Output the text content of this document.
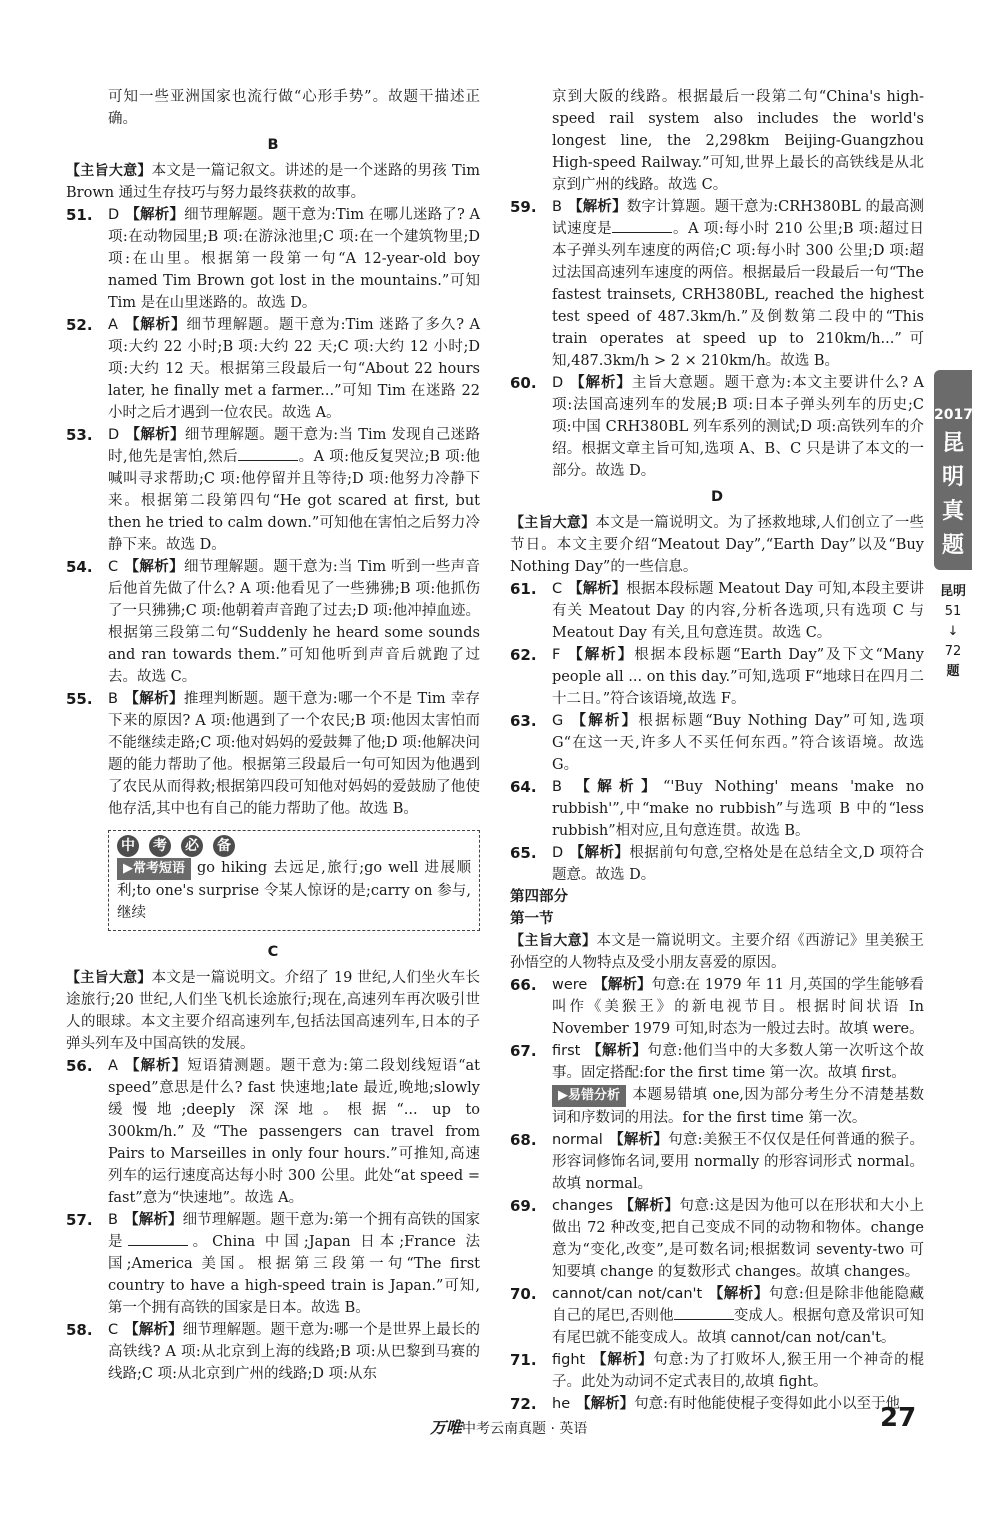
可知一些亚洲国家也流行做“心形手势”。故题干描述正确。

B

【主旨大意】本文是一篇记叙文。讲述的是一个迷路的男孩 Tim Brown 通过生存技巧与努力最终获救的故事。

51. D 【解析】细节理解题。题干意为:Tim 在哪儿迷路了? A 项:在动物园里;B 项:在游泳池里;C 项:在一个建筑物里;D 项:在山里。根据第一段第一句“A 12-year-old boy named Tim Brown got lost in the mountains.”可知 Tim 是在山里迷路的。故选 D。
52. A 【解析】细节理解题。题干意为:Tim 迷路了多久? A 项:大约 22 小时;B 项:大约 22 天;C 项:大约 12 小时;D 项:大约 12 天。根据第三段最后一句“About 22 hours later, he finally met a farmer...”可知 Tim 在迷路 22 小时之后才遇到一位农民。故选 A。
53. D 【解析】细节理解题。题干意为:当 Tim 发现自己迷路时,他先是害怕,然后	。A 项:他反复哭泣;B 项:他喊叫寻求帮助;C 项:他停留并且等待;D 项:他努力冷静下来。根据第二段第四句“He got scared at first, but then he tried to calm down.”可知他在害怕之后努力冷静下来。故选 D。
54. C 【解析】细节理解题。题干意为:当 Tim 听到一些声音后他首先做了什么? A 项:他看见了一些狒狒;B 项:他抓伤了一只狒狒;C 项:他朝着声音跑了过去;D 项:他冲掉血迹。根据第三段第二句“Suddenly he heard some sounds and ran towards them.”可知他听到声音后就跑了过去。故选 C。
55. B 【解析】推理判断题。题干意为:哪一个不是 Tim 幸存下来的原因? A 项:他遇到了一个农民;B 项:他因太害怕而不能继续走路;C 项:他对妈妈的爱鼓舞了他;D 项:他解决问题的能力帮助了他。根据第三段最后一句可知因为他遇到了农民从而得救;根据第四段可知他对妈妈的爱鼓励了他使他存活,其中也有自己的能力帮助了他。故选 B。
中 考 必 备

▶常考短语 go hiking 去远足,旅行;go well 进展顺利;to one's surprise 令某人惊讶的是;carry on 参与,继续

C

【主旨大意】本文是一篇说明文。介绍了 19 世纪,人们坐火车长途旅行;20 世纪,人们坐飞机长途旅行;现在,高速列车再次吸引世人的眼球。本文主要介绍高速列车,包括法国高速列车,日本的子弹头列车及中国高铁的发展。

56. A 【解析】短语猜测题。题干意为:第二段划线短语“at speed”意思是什么? fast 快速地;late 最近,晚地;slowly 缓慢地;deeply 深深地。根据“... up to 300km/h.”及“The passengers can travel from Pairs to Marseilles in only four hours.”可推知,高速列车的运行速度高达每小时 300 公里。此处“at speed = fast”意为“快速地”。故选 A。
57. B 【解析】细节理解题。题干意为:第一个拥有高铁的国家是	。China 中国;Japan 日本;France 法国;America 美国。根据第三段第一句“The first country to have a high-speed train is Japan.”可知,第一个拥有高铁的国家是日本。故选 B。
58. C 【解析】细节理解题。题干意为:哪一个是世界上最长的高铁线? A 项:从北京到上海的线路;B 项:从巴黎到马赛的线路;C 项:从北京到广州的线路;D 项:从东

京到大阪的线路。根据最后一段第二句“China's high-speed rail system also includes the world's longest line, the 2,298km Beijing-Guangzhou High-speed Railway.”可知,世界上最长的高铁线是从北京到广州的线路。故选 C。

59. B 【解析】数字计算题。题干意为:CRH380BL 的最高测试速度是	。A 项:每小时 210 公里;B 项:超过日本子弹头列车速度的两倍;C 项:每小时 300 公里;D 项:超过法国高速列车速度的两倍。根据最后一段最后一句“The fastest trainsets, CRH380BL, reached the highest test speed of 487.3km/h.”及倒数第二段中的“This train operates at speed up to 210km/h...”可知,487.3km/h > 2 × 210km/h。故选 B。
60. D 【解析】主旨大意题。题干意为:本文主要讲什么? A 项:法国高速列车的发展;B 项:日本子弹头列车的历史;C 项:中国 CRH380BL 列车系列的测试;D 项:高铁列车的介绍。根据文章主旨可知,选项 A、B、C 只是讲了本文的一部分。故选 D。
D

【主旨大意】本文是一篇说明文。为了拯救地球,人们创立了一些节日。本文主要介绍“Meatout Day”,“Earth Day”以及“Buy Nothing Day”的一些信息。

61. C 【解析】根据本段标题 Meatout Day 可知,本段主要讲有关 Meatout Day 的内容,分析各选项,只有选项 C 与 Meatout Day 有关,且句意连贯。故选 C。
62. F 【解析】根据本段标题“Earth Day”及下文“Many people all ... on this day.”可知,选项 F“地球日在四月二十二日。”符合该语境,故选 F。
63. G 【解析】根据标题“Buy Nothing Day”可知,选项 G“在这一天,许多人不买任何东西。”符合该语境。故选 G。
64. B 【解析】“'Buy Nothing' means 'make no rubbish'”,中“make no rubbish”与选项 B 中的“less rubbish”相对应,且句意连贯。故选 B。
65. D 【解析】根据前句句意,空格处是在总结全文,D 项符合题意。故选 D。
第四部分
第一节

【主旨大意】本文是一篇说明文。主要介绍《西游记》里美猴王孙悟空的人物特点及受小朋友喜爱的原因。

66. were 【解析】句意:在 1979 年 11 月,英国的学生能够看叫作《美猴王》的新电视节目。根据时间状语 In November 1979 可知,时态为一般过去时。故填 were。
67. first 【解析】句意:他们当中的大多数人第一次听这个故事。固定搭配:for the first time 第一次。故填 first。

▶易错分析 本题易错填 one,因为部分考生分不清楚基数词和序数词的用法。for the first time 第一次。

68. normal 【解析】句意:美猴王不仅仅是任何普通的猴子。形容词修饰名词,要用 normally 的形容词形式 normal。故填 normal。
69. changes 【解析】句意:这是因为他可以在形状和大小上做出 72 种改变,把自己变成不同的动物和物体。change 意为“变化,改变”,是可数名词;根据数词 seventy-two 可知要填 change 的复数形式 changes。故填 changes。
70. cannot/can not/can't 【解析】句意:但是除非他能隐藏自己的尾巴,否则他	变成人。根据句意及常识可知有尾巴就不能变成人。故填 cannot/can not/can't。
71. fight 【解析】句意:为了打败坏人,猴王用一个神奇的棍子。此处为动词不定式表目的,故填 fight。
72. he 【解析】句意:有时他能使棍子变得如此小以至于他
2017
昆
明
真
题
昆明
51
↓
72
题
万唯中考云南真题 · 英语	27
